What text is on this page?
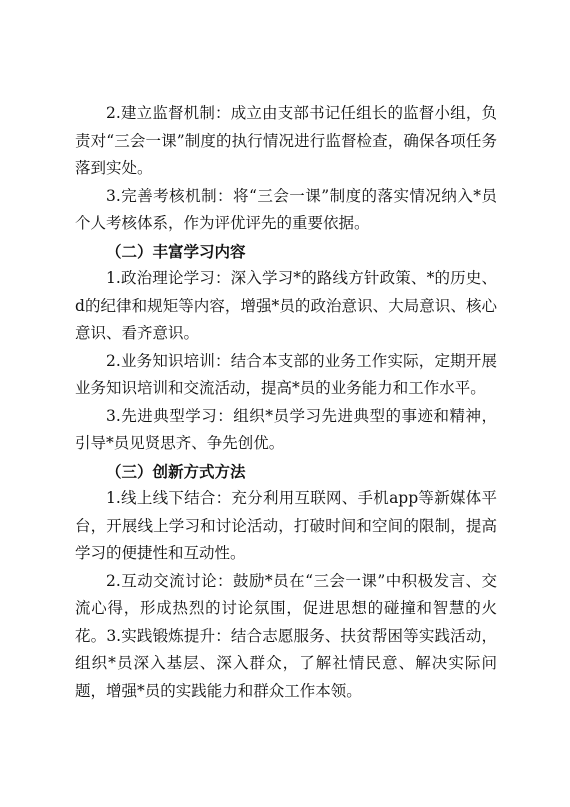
2.建立监督机制：成立由支部书记任组长的监督小组，负责对“三会一课”制度的执行情况进行监督检查，确保各项任务落到实处。

3.完善考核机制：将“三会一课”制度的落实情况纳入*员个人考核体系，作为评优评先的重要依据。

（二）丰富学习内容

1.政治理论学习：深入学习*的路线方针政策、*的历史、d的纪律和规矩等内容，增强*员的政治意识、大局意识、核心意识、看齐意识。

2.业务知识培训：结合本支部的业务工作实际，定期开展业务知识培训和交流活动，提高*员的业务能力和工作水平。

3.先进典型学习：组织*员学习先进典型的事迹和精神，引导*员见贤思齐、争先创优。

（三）创新方式方法

1.线上线下结合：充分利用互联网、手机app等新媒体平台，开展线上学习和讨论活动，打破时间和空间的限制，提高学习的便捷性和互动性。

2.互动交流讨论：鼓励*员在“三会一课”中积极发言、交流心得，形成热烈的讨论氛围，促进思想的碰撞和智慧的火花。3.实践锻炼提升：结合志愿服务、扶贫帮困等实践活动，组织*员深入基层、深入群众，了解社情民意、解决实际问题，增强*员的实践能力和群众工作本领。
